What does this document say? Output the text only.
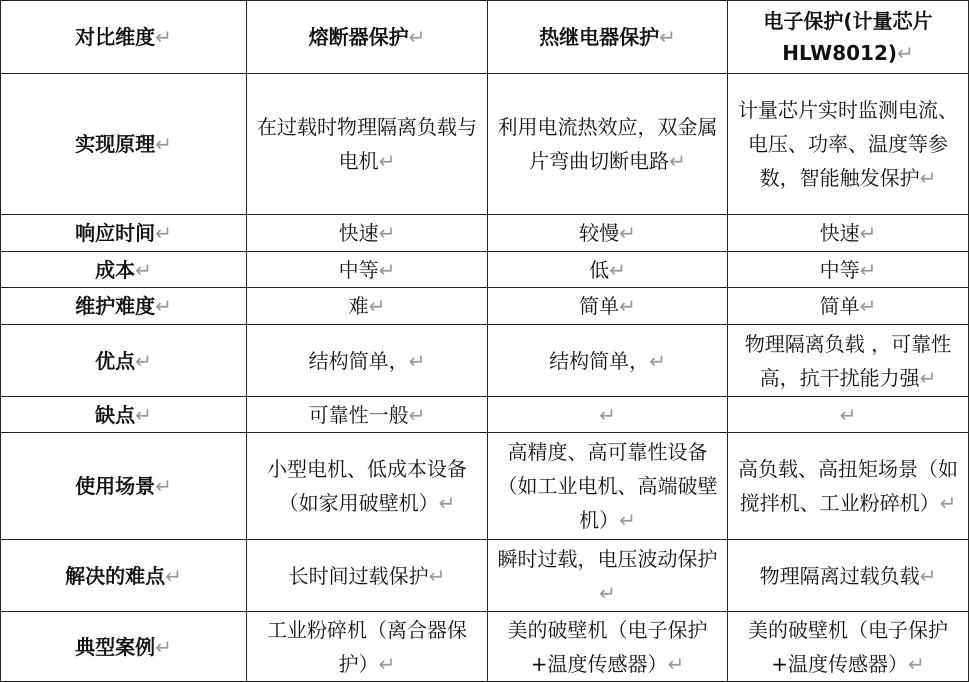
对比维度↵	熔断器保护↵	热继电器保护↵	电子保护(计量芯片HLW8012)↵
实现原理↵	在过载时物理隔离负载与电机↵	利用电流热效应，双金属片弯曲切断电路↵	计量芯片实时监测电流、电压、功率、温度等参数，智能触发保护↵
响应时间↵	快速↵	较慢↵	快速↵
成本↵	中等↵	低↵	中等↵
维护难度↵	难↵	简单↵	简单↵
优点↵	结构简单，↵	结构简单，↵	物理隔离负载 ，可靠性高，抗干扰能力强↵
缺点↵	可靠性一般↵	↵	↵
使用场景↵	小型电机、低成本设备（如家用破壁机）↵	高精度、高可靠性设备（如工业电机、高端破壁机）↵	高负载、高扭矩场景（如搅拌机、工业粉碎机）↵
解决的难点↵	长时间过载保护↵	瞬时过载，电压波动保护↵	物理隔离过载负载↵
典型案例↵	工业粉碎机（离合器保护）↵	美的破壁机（电子保护+温度传感器）↵	美的破壁机（电子保护+温度传感器）↵
